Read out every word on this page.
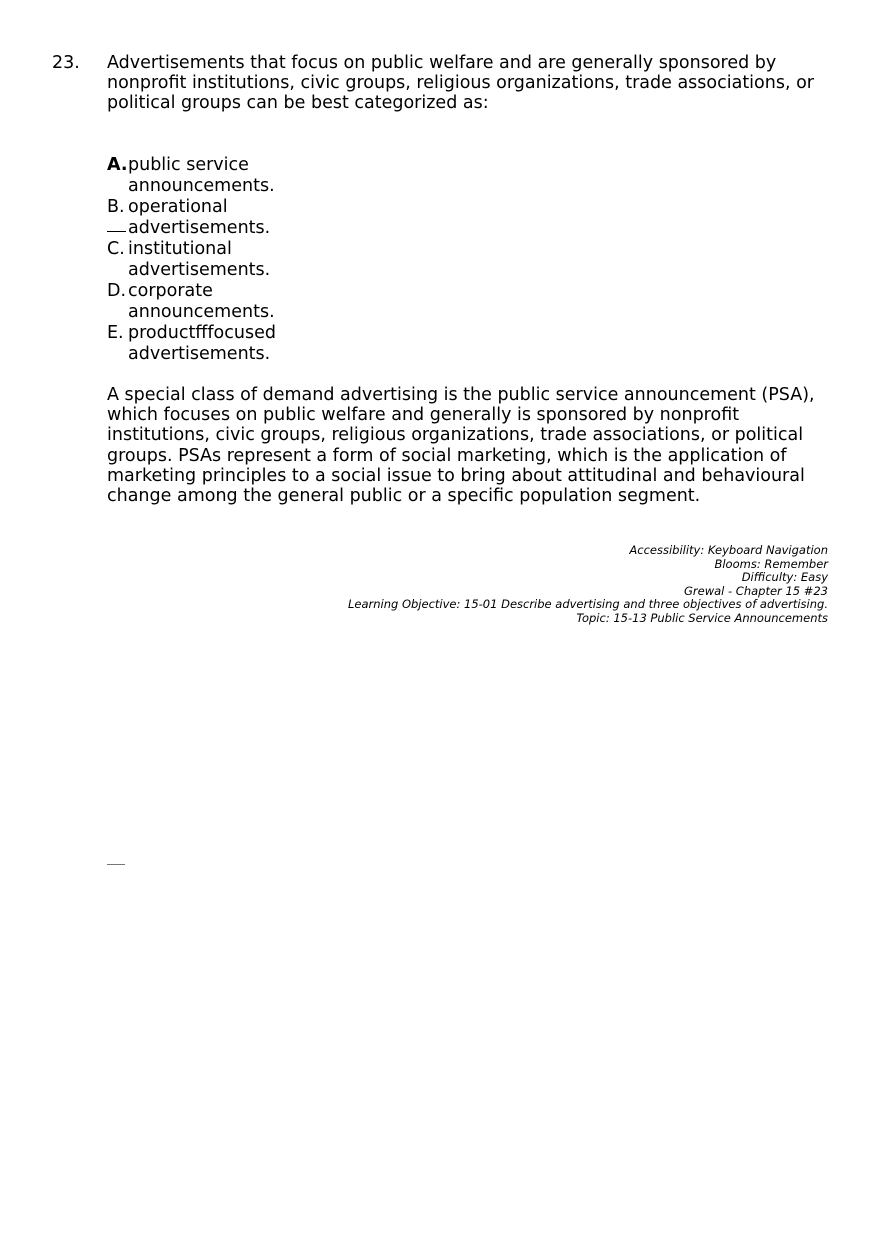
23. Advertisements that focus on public welfare and are generally sponsored by nonprofit institutions, civic groups, religious organizations, trade associations, or political groups can be best categorized as:

A. public service announcements.
B. operational advertisements.
C. institutional advertisements.
D. corporate announcements.
E. productfffocused advertisements.

A special class of demand advertising is the public service announcement (PSA), which focuses on public welfare and generally is sponsored by nonprofit institutions, civic groups, religious organizations, trade associations, or political groups. PSAs represent a form of social marketing, which is the application of marketing principles to a social issue to bring about attitudinal and behavioural change among the general public or a specific population segment.

Accessibility: Keyboard Navigation
Blooms: Remember
Difficulty: Easy
Grewal - Chapter 15 #23
Learning Objective: 15-01 Describe advertising and three objectives of advertising.
Topic: 15-13 Public Service Announcements
